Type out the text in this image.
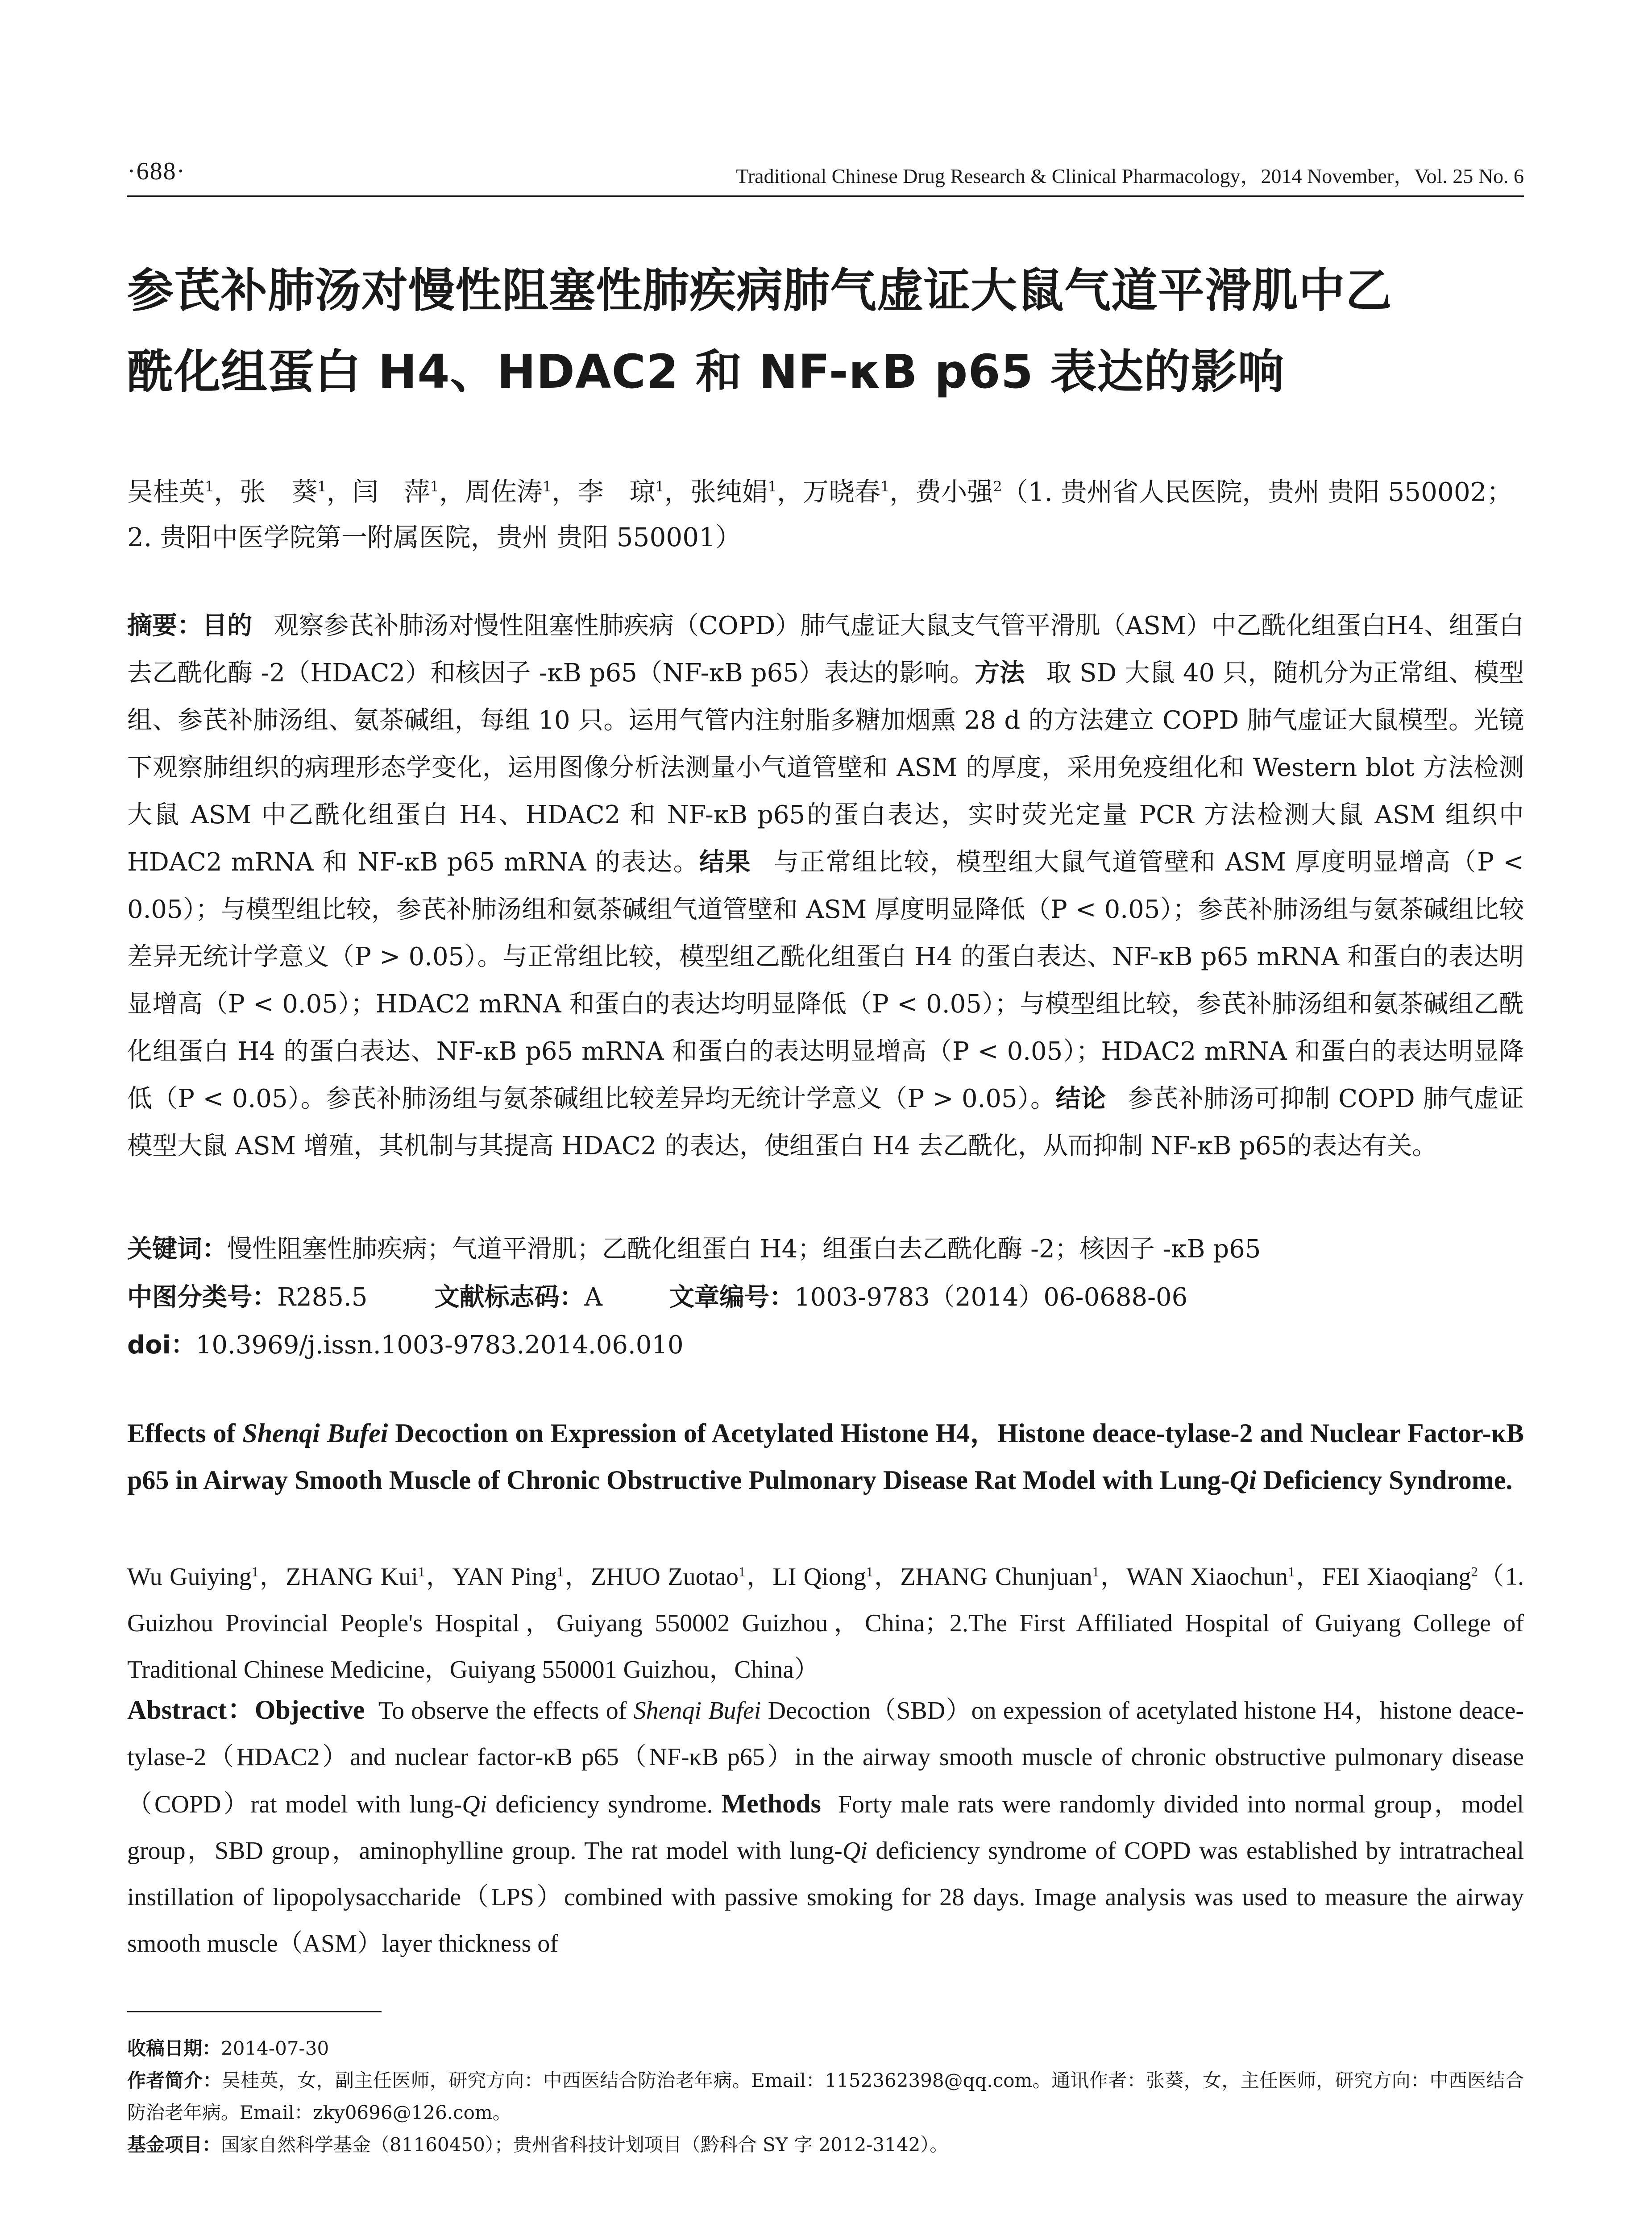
·688·	Traditional Chinese Drug Research & Clinical Pharmacology，2014 November，Vol. 25 No. 6
参芪补肺汤对慢性阻塞性肺疾病肺气虚证大鼠气道平滑肌中乙
酰化组蛋白 H4、HDAC2 和 NF-κB p65 表达的影响
吴桂英$^1$，张　葵$^1$，闫　萍$^1$，周佐涛$^1$，李　琼$^1$，张纯娟$^1$，万晓春$^1$，费小强$^2$（1. 贵州省人民医院，贵州 贵阳 550002；2. 贵阳中医学院第一附属医院，贵州 贵阳 550001）
摘要：目的 观察参芪补肺汤对慢性阻塞性肺疾病（COPD）肺气虚证大鼠支气管平滑肌（ASM）中乙酰化组蛋白H4、组蛋白去乙酰化酶 -2（HDAC2）和核因子 -κB p65（NF-κB p65）表达的影响。方法 取 SD 大鼠 40 只，随机分为正常组、模型组、参芪补肺汤组、氨茶碱组，每组 10 只。运用气管内注射脂多糖加烟熏 28 d 的方法建立 COPD 肺气虚证大鼠模型。光镜下观察肺组织的病理形态学变化，运用图像分析法测量小气道管壁和 ASM 的厚度，采用免疫组化和 Western blot 方法检测大鼠 ASM 中乙酰化组蛋白 H4、HDAC2 和 NF-κB p65的蛋白表达，实时荧光定量 PCR 方法检测大鼠 ASM 组织中 HDAC2 mRNA 和 NF-κB p65 mRNA 的表达。结果 与正常组比较，模型组大鼠气道管壁和 ASM 厚度明显增高（P < 0.05）；与模型组比较，参芪补肺汤组和氨茶碱组气道管壁和 ASM 厚度明显降低（P < 0.05）；参芪补肺汤组与氨茶碱组比较差异无统计学意义（P > 0.05）。与正常组比较，模型组乙酰化组蛋白 H4 的蛋白表达、NF-κB p65 mRNA 和蛋白的表达明显增高（P < 0.05）；HDAC2 mRNA 和蛋白的表达均明显降低（P < 0.05）；与模型组比较，参芪补肺汤组和氨茶碱组乙酰化组蛋白 H4 的蛋白表达、NF-κB p65 mRNA 和蛋白的表达明显增高（P < 0.05）；HDAC2 mRNA 和蛋白的表达明显降低（P < 0.05）。参芪补肺汤组与氨茶碱组比较差异均无统计学意义（P > 0.05）。结论 参芪补肺汤可抑制 COPD 肺气虚证模型大鼠 ASM 增殖，其机制与其提高 HDAC2 的表达，使组蛋白 H4 去乙酰化，从而抑制 NF-κB p65的表达有关。
关键词：慢性阻塞性肺疾病；气道平滑肌；乙酰化组蛋白 H4；组蛋白去乙酰化酶 -2；核因子 -κB p65
中图分类号：R285.5	文献标志码：A	文章编号：1003-9783（2014）06-0688-06
doi：10.3969/j.issn.1003-9783.2014.06.010
Effects of Shenqi Bufei Decoction on Expression of Acetylated Histone H4，Histone deace-tylase-2 and Nuclear Factor-κB p65 in Airway Smooth Muscle of Chronic Obstructive Pulmonary Disease Rat Model with Lung-Qi Deficiency Syndrome.
Wu Guiying$^1$，ZHANG Kui$^1$，YAN Ping$^1$，ZHUO Zuotao$^1$，LI Qiong$^1$，ZHANG Chunjuan$^1$，WAN Xiaochun$^1$，FEI Xiaoqiang$^2$（1. Guizhou Provincial People's Hospital，Guiyang 550002 Guizhou，China；2.The First Affiliated Hospital of Guiyang College of Traditional Chinese Medicine，Guiyang 550001 Guizhou，China）
Abstract：Objective To observe the effects of Shenqi Bufei Decoction（SBD）on expession of acetylated histone H4，histone deace-tylase-2（HDAC2）and nuclear factor-κB p65（NF-κB p65）in the airway smooth muscle of chronic obstructive pulmonary disease（COPD）rat model with lung-Qi deficiency syndrome. Methods Forty male rats were randomly divided into normal group，model group，SBD group，aminophylline group. The rat model with lung-Qi deficiency syndrome of COPD was established by intratracheal instillation of lipopolysaccharide（LPS）combined with passive smoking for 28 days. Image analysis was used to measure the airway smooth muscle（ASM）layer thickness of
收稿日期：2014-07-30
作者简介：吴桂英，女，副主任医师，研究方向：中西医结合防治老年病。Email：1152362398@qq.com。通讯作者：张葵，女，主任医师，研究方向：中西医结合防治老年病。Email：zky0696@126.com。
基金项目：国家自然科学基金（81160450）；贵州省科技计划项目（黔科合 SY 字 2012-3142）。
